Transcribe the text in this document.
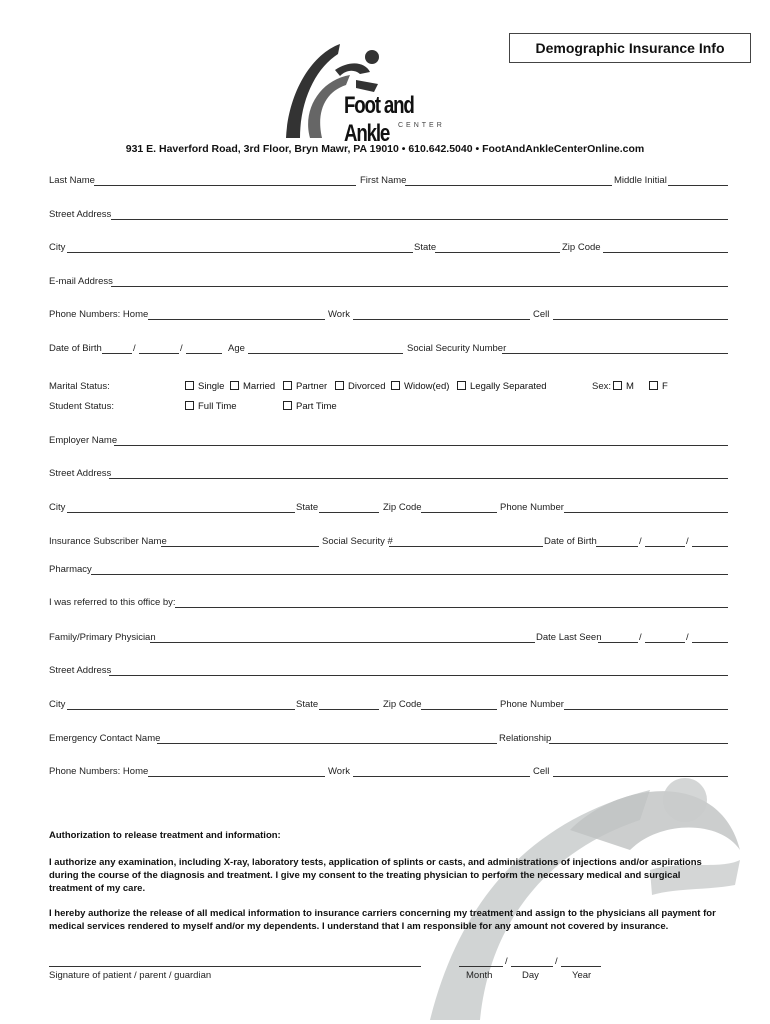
Demographic Insurance Info
Foot and Ankle	CENTER
931 E. Haverford Road, 3rd Floor, Bryn Mawr, PA 19010 • 610.642.5040 • FootAndAnkleCenterOnline.com
Last Name	First Name	Middle Initial
Street Address
City	State	Zip Code
E-mail Address
Phone Numbers: Home	Work	Cell
Date of Birth	/	/	Age	Social Security Number
Marital Status:	Single	Married	Partner	Divorced	Widow(ed)	Legally Separated	Sex:	M	F
Student Status:	Full Time	Part Time
Employer Name
Street Address
City	State	Zip Code	Phone Number
Insurance Subscriber Name	Social Security #	Date of Birth	/	/
Pharmacy
I was referred to this office by:
Family/Primary Physician	Date Last Seen	/	/
Street Address
City	State	Zip Code	Phone Number
Emergency Contact Name	Relationship
Phone Numbers: Home	Work	Cell
Authorization to release treatment and information:
I authorize any examination, including X-ray, laboratory tests, application of splints or casts, and administrations of injections and/or aspirations during the course of the diagnosis and treatment. I give my consent to the treating physician to perform the necessary medical and surgical treatment of my care.
I hereby authorize the release of all medical information to insurance carriers concerning my treatment and assign to the physicians all payment for medical services rendered to myself and/or my dependents. I understand that I am responsible for any amount not covered by insurance.
Signature of patient / parent / guardian
/	/
Month	Day	Year
